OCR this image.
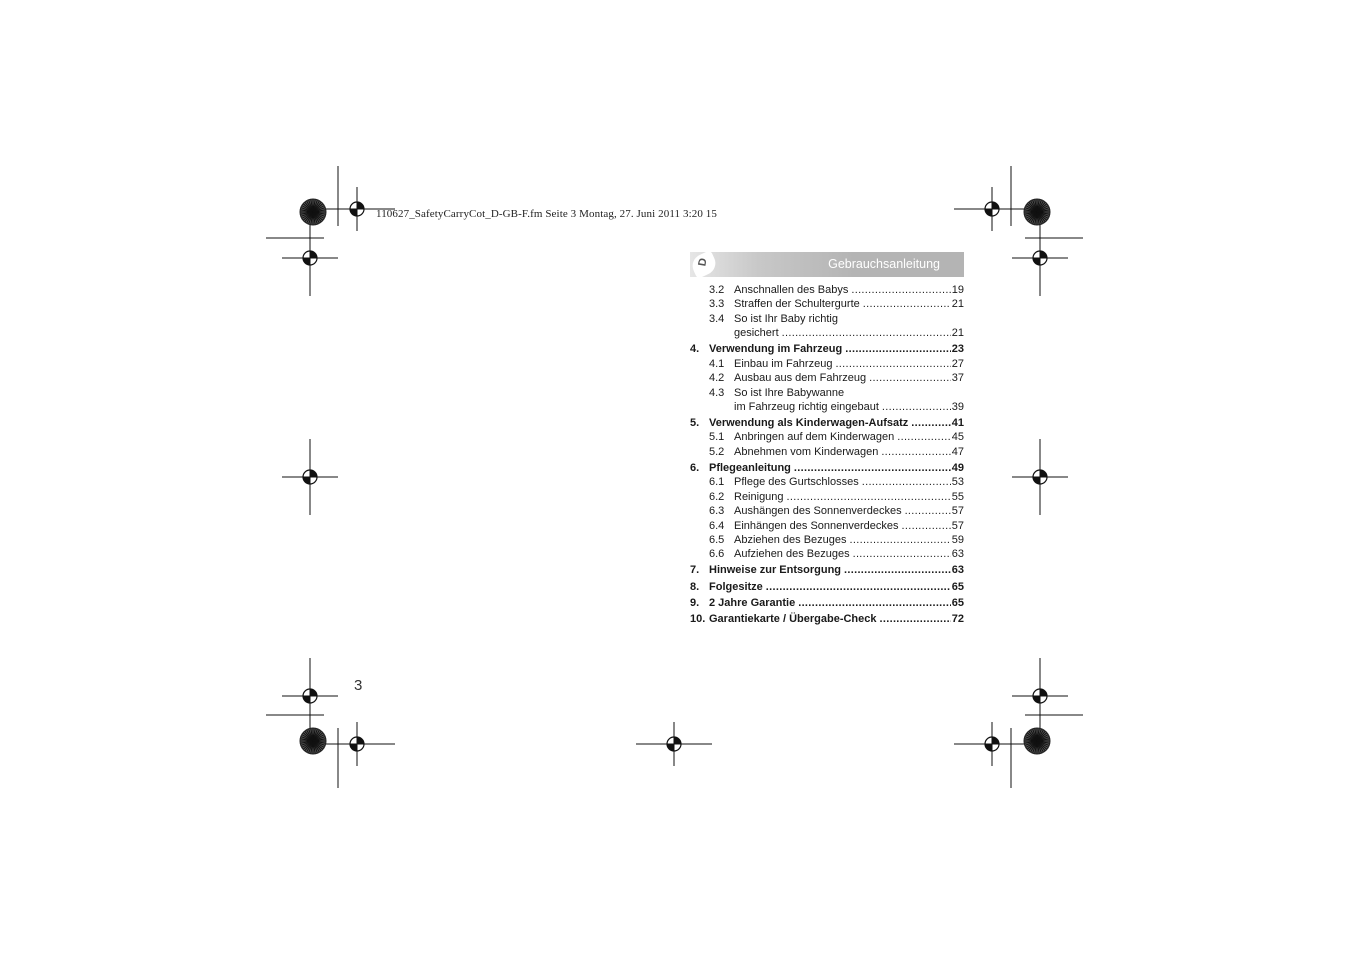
110627_SafetyCarryCot_D-GB-F.fm Seite 3 Montag, 27. Juni 2011 3:20 15
Gebrauchsanleitung
D
3.2 Anschnallen des Babys .....	19
3.3 Straffen der Schultergurte .....	21
3.4 So ist Ihr Baby richtig
gesichert .....	21
4. Verwendung im Fahrzeug .....	23
4.1 Einbau im Fahrzeug .....	27
4.2 Ausbau aus dem Fahrzeug .....	37
4.3 So ist Ihre Babywanne
im Fahrzeug richtig eingebaut .....	39
5. Verwendung als Kinderwagen-Aufsatz .....	41
5.1 Anbringen auf dem Kinderwagen .....	45
5.2 Abnehmen vom Kinderwagen .....	47
6. Pflegeanleitung .....	49
6.1 Pflege des Gurtschlosses .....	53
6.2 Reinigung .....	55
6.3 Aushängen des Sonnenverdeckes .....	57
6.4 Einhängen des Sonnenverdeckes .....	57
6.5 Abziehen des Bezuges .....	59
6.6 Aufziehen des Bezuges .....	63
7. Hinweise zur Entsorgung .....	63
8. Folgesitze .....	65
9. 2 Jahre Garantie .....	65
10. Garantiekarte / Übergabe-Check .....	72
3
